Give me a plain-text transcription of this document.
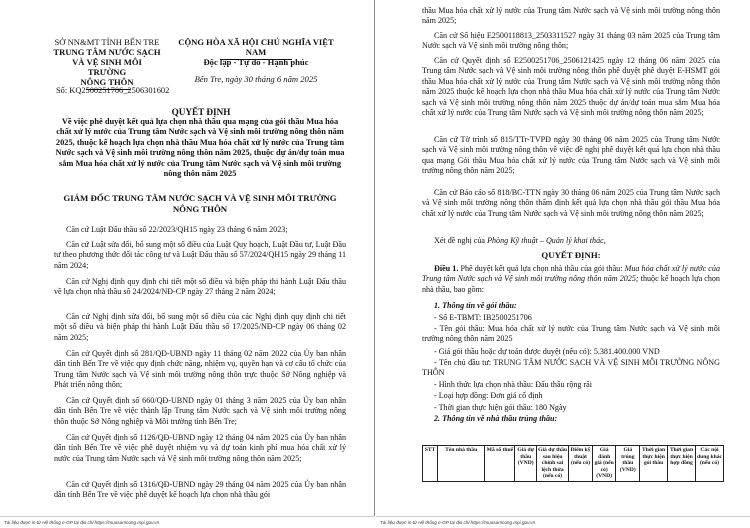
SỞ NN&MT TỈNH BẾN TRE
TRUNG TÂM NƯỚC SẠCH
VÀ VỆ SINH MÔI TRƯỜNG
NÔNG THÔN
CỘNG HÒA XÃ HỘI CHỦ NGHĨA VIỆT NAM
Độc lập - Tự do - Hạnh phúc
Bến Tre, ngày 30 tháng 6 năm 2025
Số: KQ2500251706_2506301602
QUYẾT ĐỊNH
Về việc phê duyệt kết quả lựa chọn nhà thầu qua mạng của gói thầu Mua hóa chất xử lý nước của Trung tâm Nước sạch và Vệ sinh môi trường nông thôn năm 2025, thuộc kế hoạch lựa chọn nhà thầu Mua hóa chất xử lý nước của Trung tâm Nước sạch và Vệ sinh môi trường nông thôn năm 2025, thuộc dự án/dự toán mua sắm Mua hóa chất xử lý nước của Trung tâm Nước sạch và Vệ sinh môi trường nông thôn năm 2025
GIÁM ĐỐC TRUNG TÂM NƯỚC SẠCH VÀ VỆ SINH MÔI TRƯỜNG NÔNG THÔN
Căn cứ Luật Đấu thầu số 22/2023/QH15 ngày 23 tháng 6 năm 2023;
Căn cứ Luật sửa đổi, bổ sung một số điều của Luật Quy hoạch, Luật Đầu tư, Luật Đầu tư theo phương thức đối tác công tư và Luật Đấu thầu số 57/2024/QH15 ngày 29 tháng 11 năm 2024;
Căn cứ Nghị định quy định chi tiết một số điều và biện pháp thi hành Luật Đấu thầu về lựa chọn nhà thầu số 24/2024/NĐ-CP ngày 27 tháng 2 năm 2024;
Căn cứ Nghị định sửa đổi, bổ sung một số điều của các Nghị định quy định chi tiết một số điều và biện pháp thi hành Luật Đấu thầu số 17/2025/NĐ-CP ngày 06 tháng 02 năm 2025;
Căn cứ Quyết định số 281/QĐ-UBND ngày 11 tháng 02 năm 2022 của Ủy ban nhân dân tỉnh Bến Tre về việc quy định chức năng, nhiệm vụ, quyền hạn và cơ cấu tổ chức của Trung tâm Nước sạch và Vệ sinh môi trường nông thôn trực thuộc Sở Nông nghiệp và Phát triển nông thôn;
Căn cứ Quyết định số 660/QĐ-UBND ngày 01 tháng 3 năm 2025 của Ủy ban nhân dân tỉnh Bến Tre về việc thành lập Trung tâm Nước sạch và Vệ sinh môi trường nông thôn thuộc Sở Nông nghiệp và Môi trường tỉnh Bến Tre;
Căn cứ Quyết định số 1126/QĐ-UBND ngày 12 tháng 04 năm 2025 của Ủy ban nhân dân tỉnh Bến Tre về việc phê duyệt nhiệm vụ và dự toán kinh phí mua hóa chất xử lý nước của Trung tâm Nước sạch và Vệ sinh môi trường nông thôn năm 2025;
Căn cứ Quyết định số 1316/QĐ-UBND ngày 29 tháng 04 năm 2025 của Ủy ban nhân dân tỉnh Bến Tre về việc phê duyệt kế hoạch lựa chọn nhà thầu gói
thầu Mua hóa chất xử lý nước của Trung tâm Nước sạch và Vệ sinh môi trường nông thôn năm 2025;
Căn cứ Số hiệu E2500118813_2503311527 ngày 31 tháng 03 năm 2025 của Trung tâm Nước sạch và Vệ sinh môi trường nông thôn;
Căn cứ Quyết định số E2500251706_2506121425 ngày 12 tháng 06 năm 2025 của Trung tâm Nước sạch và Vệ sinh môi trường nông thôn phê duyệt phê duyệt E-HSMT gói thầu Mua hóa chất xử lý nước của Trung tâm Nước sạch và Vệ sinh môi trường nông thôn năm 2025 thuộc kế hoạch lựa chọn nhà thầu Mua hóa chất xử lý nước của Trung tâm Nước sạch và Vệ sinh môi trường nông thôn năm 2025 thuộc dự án/dự toán mua sắm Mua hóa chất xử lý nước của Trung tâm Nước sạch và Vệ sinh môi trường nông thôn năm 2025;
Căn cứ Tờ trình số 815/TTr-TVPĐ ngày 30 tháng 06 năm 2025 của Trung tâm Nước sạch và Vệ sinh môi trường nông thôn về việc đề nghị phê duyệt kết quả lựa chọn nhà thầu qua mạng Gói thầu Mua hóa chất xử lý nước của Trung tâm Nước sạch và Vệ sinh môi trường nông thôn năm 2025;
Căn cứ Báo cáo số 818/BC-TTN ngày 30 tháng 06 năm 2025 của Trung tâm Nước sạch và Vệ sinh môi trường nông thôn thẩm định kết quả lựa chọn nhà thầu gói thầu Mua hóa chất xử lý nước của Trung tâm Nước sạch và Vệ sinh môi trường nông thôn năm 2025;
Xét đề nghị của Phòng Kỹ thuật – Quản lý khai thác,
QUYẾT ĐỊNH:
Điều 1. Phê duyệt kết quả lựa chọn nhà thầu của gói thầu: Mua hóa chất xử lý nước của Trung tâm Nước sạch và Vệ sinh môi trường nông thôn năm 2025; thuộc kế hoạch lựa chọn nhà thầu, bao gồm:
1. Thông tin về gói thầu:
- Số E-TBMT: IB2500251706
- Tên gói thầu: Mua hóa chất xử lý nước của Trung tâm Nước sạch và Vệ sinh môi trường nông thôn năm 2025
- Giá gói thầu hoặc dự toán được duyệt (nếu có): 5.381.400.000 VND
- Tên chủ đầu tư: TRUNG TÂM NƯỚC SẠCH VÀ VỆ SINH MÔI TRƯỜNG NÔNG THÔN
- Hình thức lựa chọn nhà thầu: Đấu thầu rộng rãi
- Loại hợp đồng: Đơn giá cố định
- Thời gian thực hiện gói thầu: 180 Ngày
2. Thông tin về nhà thầu trúng thầu:
STT	Tên nhà thầu	Mã số thuế	Giá dự thầu (VND)	Giá dự thầu sau hiệu chỉnh sai lệch thừa (nếu có)	Điểm kỹ thuật (nếu có)	Giá đánh giá (nếu có) (VND)	Giá trúng thầu (VND)	Thời gian thực hiện gói thầu	Thời gian thực hiện hợp đồng	Các nội dung khác (nếu có)
Tài liệu được in từ Hệ thống e-GP tại địa chỉ https://muasamcong.mpi.gov.vn	Tài liệu được in từ Hệ thống e-GP tại địa chỉ https://muasamcong.mpi.gov.vn
